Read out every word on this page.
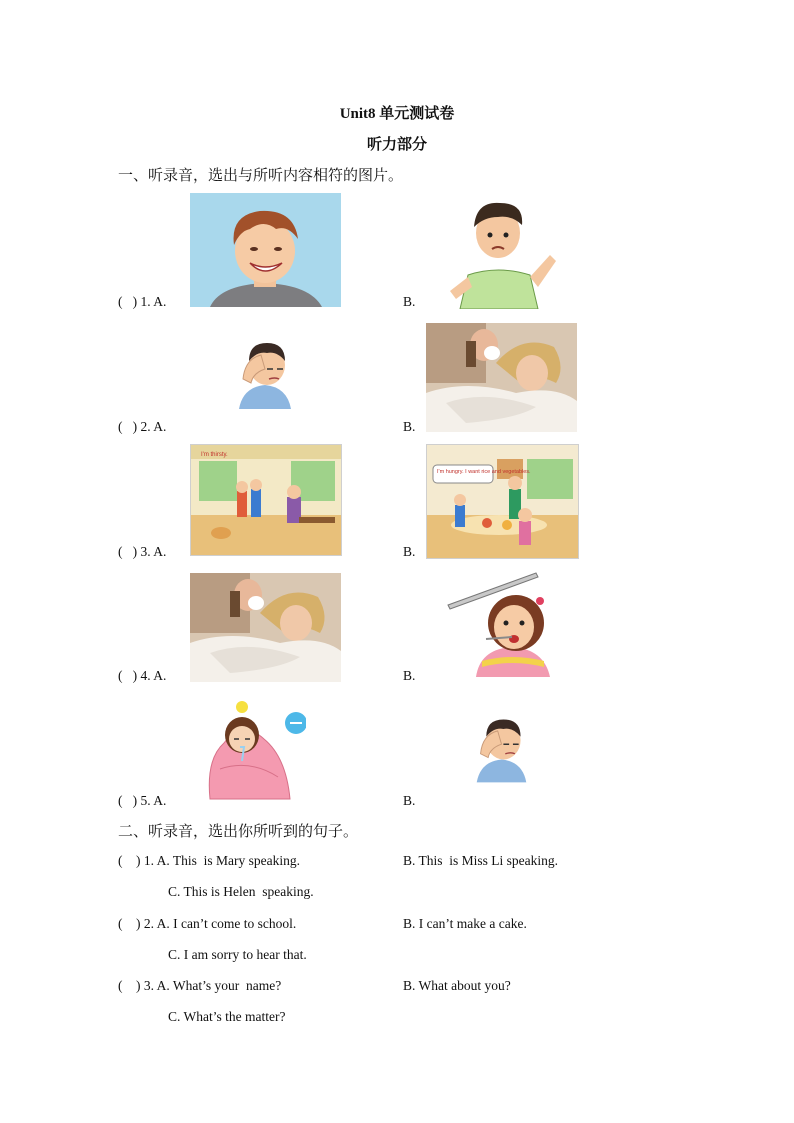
Unit8 单元测试卷
听力部分
一、听录音，选出与所听内容相符的图片。
(   ) 1. A.	B.
(   ) 2. A.	B.
(   ) 3. A.	B.
I'm thirsty.
I'm hungry. I want rice and vegetables.
(   ) 4. A.	B.
(   ) 5. A.	B.
二、听录音，选出你所听到的句子。
(    ) 1. A. This  is Mary speaking.	B. This  is Miss Li speaking.
C. This is Helen  speaking.
(    ) 2. A. I can’t come to school.	B. I can’t make a cake.
C. I am sorry to hear that.
(    ) 3. A. What’s your  name?	B. What about you?
C. What’s the matter?
